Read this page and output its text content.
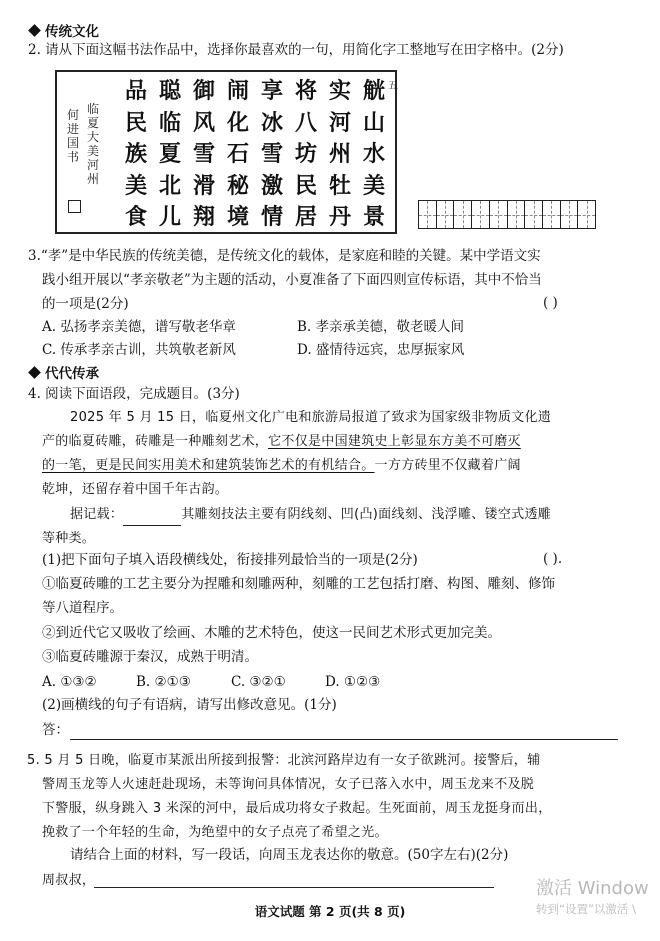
传统文化
2. 请从下面这幅书法作品中，选择你最喜欢的一句，用简化字工整地写在田字格中。(2分)
觥
山
水
美
景
实
河
州
牡
丹
将
八
坊
民
居
享
冰
雪
激
情
闹
化
石
秘
境
御
风
雪
滑
翔
聪
临
夏
北
儿
品
民
族
美
食
五
临
夏
大
美
河
州
何
进
国
书
3.“孝”是中华民族的传统美德，是传统文化的载体，是家庭和睦的关键。某中学语文实
践小组开展以“孝亲敬老”为主题的活动，小夏准备了下面四则宣传标语，其中不恰当
的一项是(2分)	( )
A. 弘扬孝亲美德，谱写敬老华章	B. 孝亲承美德，敬老暖人间
C. 传承孝亲古训，共筑敬老新风	D. 盛情待远宾，忠厚振家风
代代传承
4. 阅读下面语段，完成题目。(3分)
2025 年 5 月 15 日，临夏州文化广电和旅游局报道了致求为国家级非物质文化遗
产的临夏砖雕，砖雕是一种雕刻艺术，它不仅是中国建筑史上彰显东方美不可磨灭
的一笔，更是民间实用美术和建筑装饰艺术的有机结合。一方方砖里不仅藏着广阔
乾坤，还留存着中国千年古韵。
据记载：	其雕刻技法主要有阴线刻、凹(凸)面线刻、浅浮雕、镂空式透雕
等种类。
(1)把下面句子填入语段横线处，衔接排列最恰当的一项是(2分)	( ).
①临夏砖雕的工艺主要分为捏雕和刻雕两种，刻雕的工艺包括打磨、构图、雕刻、修饰
等八道程序。
②到近代它又吸收了绘画、木雕的艺术特色，使这一民间艺术形式更加完美。
③临夏砖雕源于秦汉，成熟于明清。
A. ①③②	B. ②①③	C. ③②①	D. ①②③
(2)画横线的句子有语病，请写出修改意见。(1分)
答：
5. 5 月 5 日晚，临夏市某派出所接到报警：北滨河路岸边有一女子欲跳河。接警后，辅
警周玉龙等人火速赶赴现场，未等询问具体情况，女子已落入水中，周玉龙来不及脱
下警服，纵身跳入 3 米深的河中，最后成功将女子救起。生死面前，周玉龙挺身而出，
挽救了一个年轻的生命，为绝望中的女子点亮了希望之光。
请结合上面的材料，写一段话，向周玉龙表达你的敬意。(50字左右)(2分)
周叔叔，
语文试题 第 2 页(共 8 页)
激活 Window
转到“设置”以激活 \
